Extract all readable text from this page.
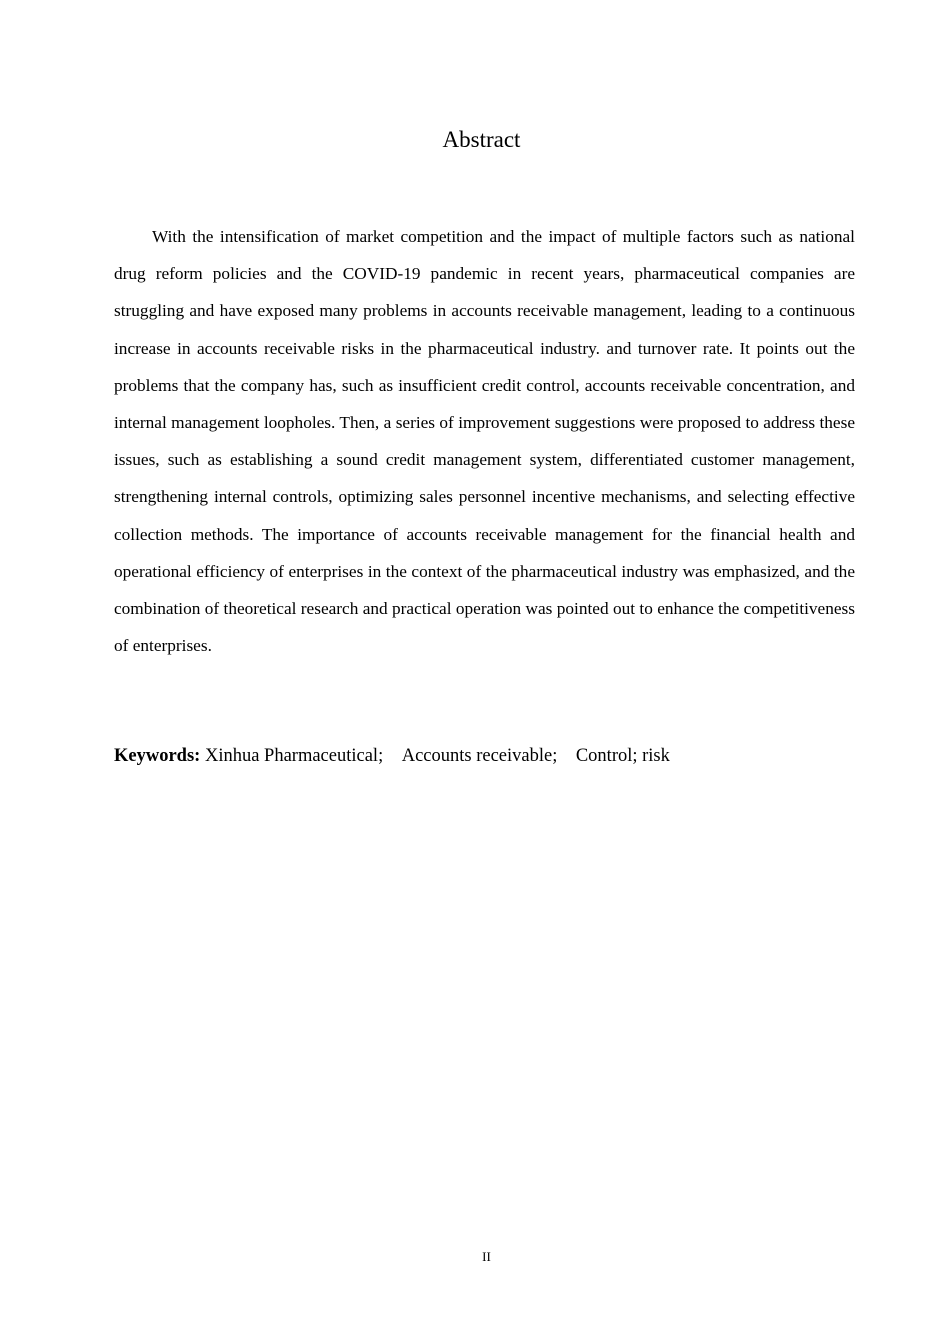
Abstract

With the intensification of market competition and the impact of multiple factors such as national drug reform policies and the COVID-19 pandemic in recent years, pharmaceutical companies are struggling and have exposed many problems in accounts receivable management, leading to a continuous increase in accounts receivable risks in the pharmaceutical industry. and turnover rate. It points out the problems that the company has, such as insufficient credit control, accounts receivable concentration, and internal management loopholes. Then, a series of improvement suggestions were proposed to address these issues, such as establishing a sound credit management system, differentiated customer management, strengthening internal controls, optimizing sales personnel incentive mechanisms, and selecting effective collection methods. The importance of accounts receivable management for the financial health and operational efficiency of enterprises in the context of the pharmaceutical industry was emphasized, and the combination of theoretical research and practical operation was pointed out to enhance the competitiveness of enterprises.

Keywords: Xinhua Pharmaceutical;　Accounts receivable;　Control; risk
II
